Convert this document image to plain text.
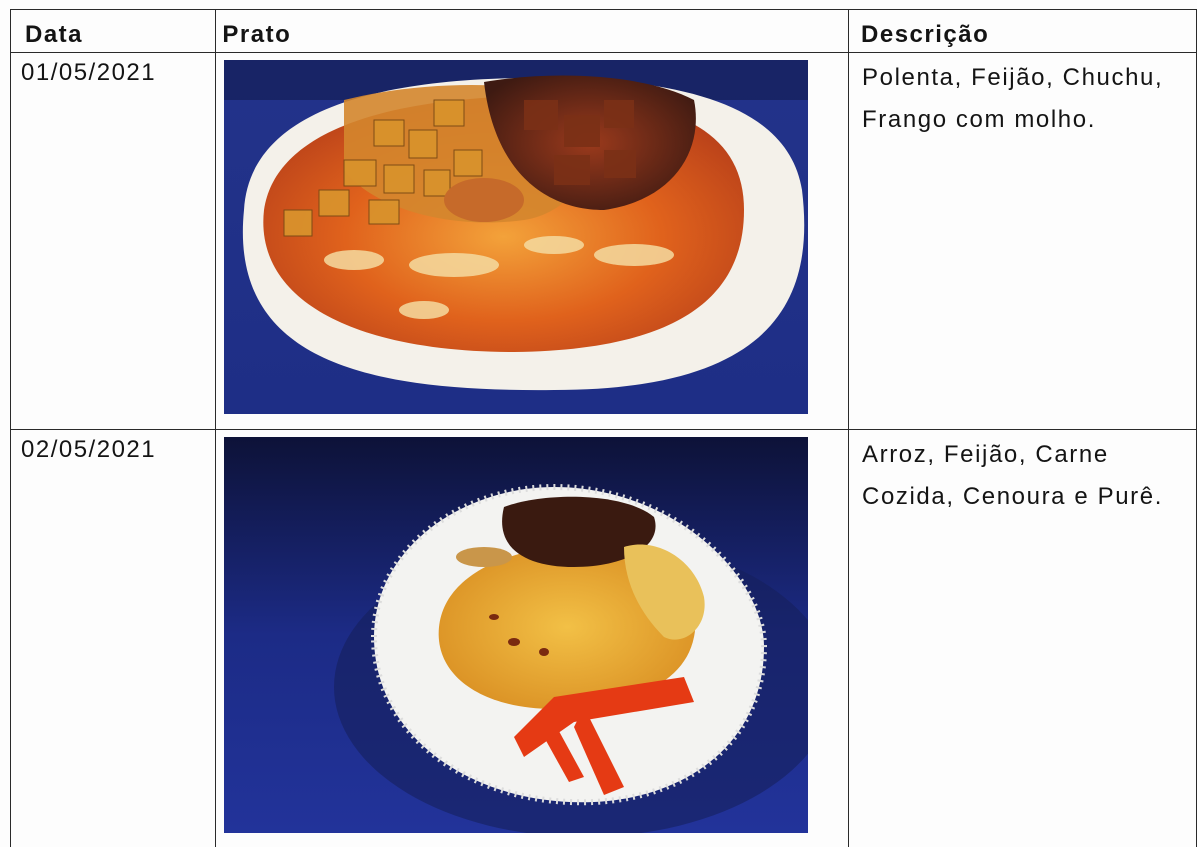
Data	Prato	Descrição

01/05/2021		Polenta, Feijão, Chuchu, Frango com molho.

02/05/2021		Arroz, Feijão, Carne Cozida, Cenoura e Purê.
